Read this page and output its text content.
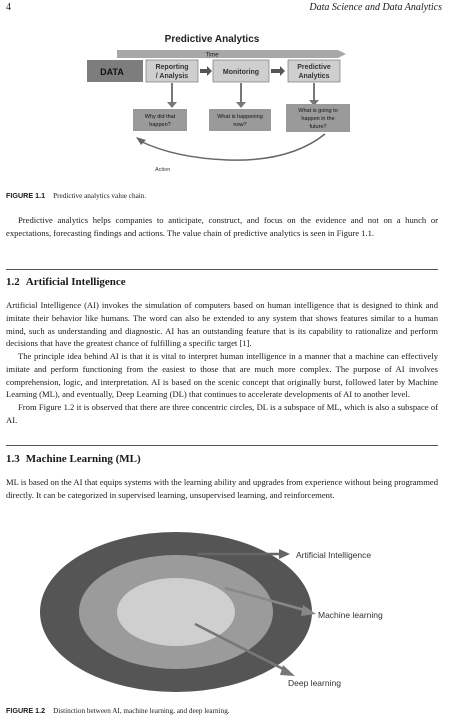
4	Data Science and Data Analytics
Predictive Analytics
Time
DATA	Reporting
/ Analysis
Monitoring
Predictive
Analytics
Why did that
happen?
What is happening
now?
What is going to
happen in the
future?
Action
FIGURE 1.1 Predictive analytics value chain.

Predictive analytics helps companies to anticipate, construct, and focus on the evidence and not on a hunch or expectations, forecasting findings and actions. The value chain of predictive analytics is seen in Figure 1.1.

1.2 Artificial Intelligence

Artificial Intelligence (AI) invokes the simulation of computers based on human intelligence that is designed to think and imitate their behavior like humans. The word can also be extended to any system that shows features similar to a human mind, such as understanding and diagnostic. AI has an outstanding feature that is its capability to rationalize and perform decisions that have the greatest chance of fulfilling a specific target [1].

The principle idea behind AI is that it is vital to interpret human intelligence in a manner that a machine can effectively imitate and perform functioning from the easiest to those that are much more complex. The purpose of AI involves comprehension, logic, and interpretation. AI is based on the scenic concept that originally burst, followed later by Machine Learning (ML), and eventually, Deep Learning (DL) that continues to accelerate developments of AI to another level.

From Figure 1.2 it is observed that there are three concentric circles, DL is a subspace of ML, which is also a subspace of AI.

1.3 Machine Learning (ML)

ML is based on the AI that equips systems with the learning ability and upgrades from experience without being programmed directly. It can be categorized in supervised learning, unsupervised learning, and reinforcement.

Artificial Intelligence
Machine learning
Deep learning
FIGURE 1.2 Distinction between AI, machine learning, and deep learning.
